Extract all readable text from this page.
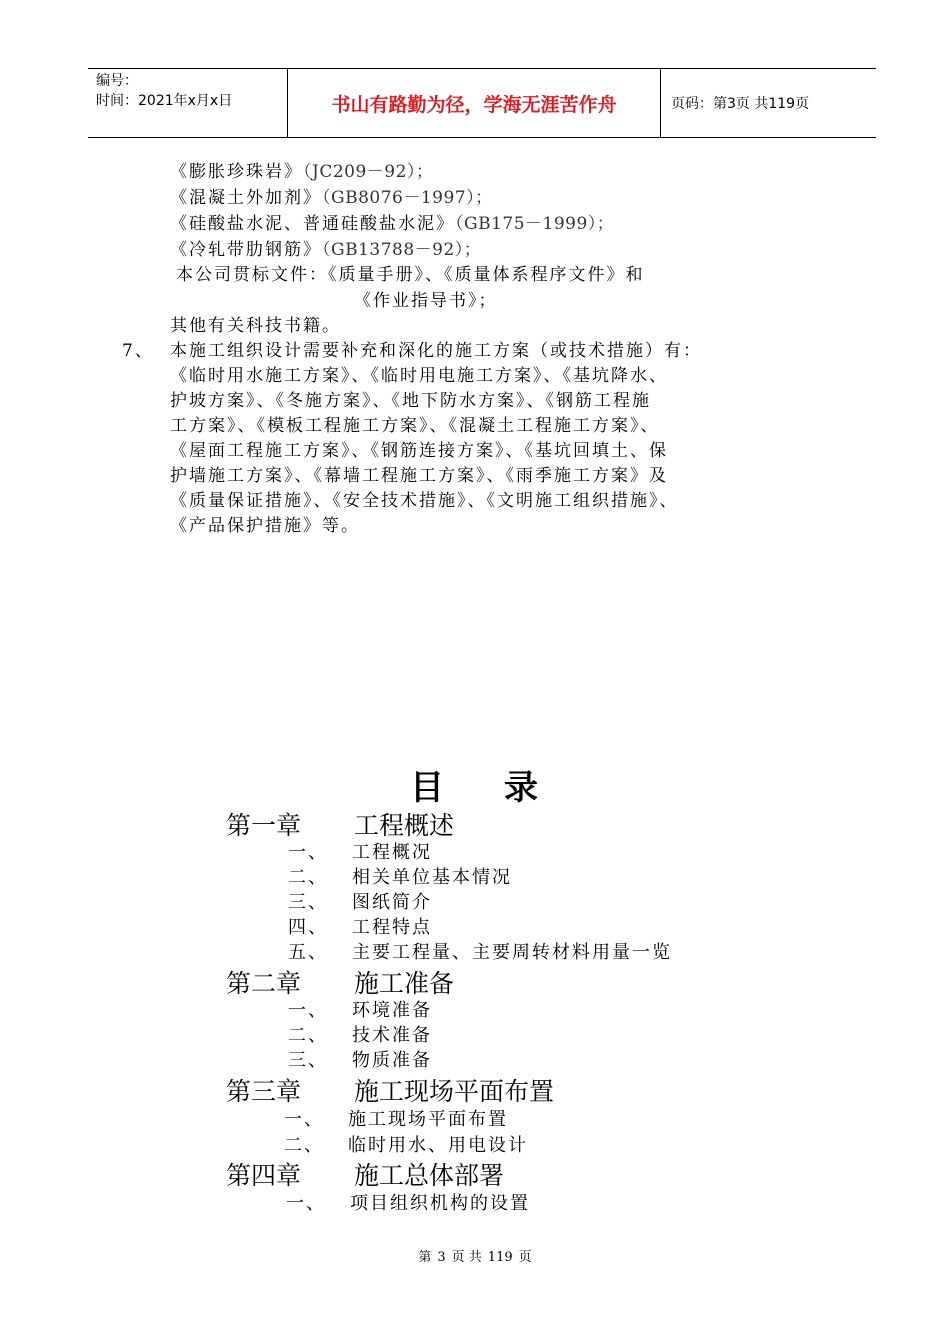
编号：
时间：2021年x月x日	书山有路勤为径，学海无涯苦作舟	页码：第3页 共119页
《膨胀珍珠岩》（JC209－92）；
《混凝土外加剂》（GB8076－1997）；
《硅酸盐水泥、普通硅酸盐水泥》（GB175－1999）；
《冷轧带肋钢筋》（GB13788－92）；
本公司贯标文件：《质量手册》、《质量体系程序文件》和
《作业指导书》；
其他有关科技书籍。
7、 本施工组织设计需要补充和深化的施工方案（或技术措施）有：
《临时用水施工方案》、《临时用电施工方案》、《基坑降水、
护坡方案》、《冬施方案》、《地下防水方案》、《钢筋工程施
工方案》、《模板工程施工方案》、《混凝土工程施工方案》、
《屋面工程施工方案》、《钢筋连接方案》、《基坑回填土、保
护墙施工方案》、《幕墙工程施工方案》、《雨季施工方案》及
《质量保证措施》、《安全技术措施》、《文明施工组织措施》、
《产品保护措施》等。
目录
第一章 工程概述
一、 工程概况
二、 相关单位基本情况
三、 图纸简介
四、 工程特点
五、 主要工程量、主要周转材料用量一览
第二章 施工准备
一、 环境准备
二、 技术准备
三、 物质准备
第三章 施工现场平面布置
一、 施工现场平面布置
二、 临时用水、用电设计
第四章 施工总体部署
一、 项目组织机构的设置
第 3 页 共 119 页
